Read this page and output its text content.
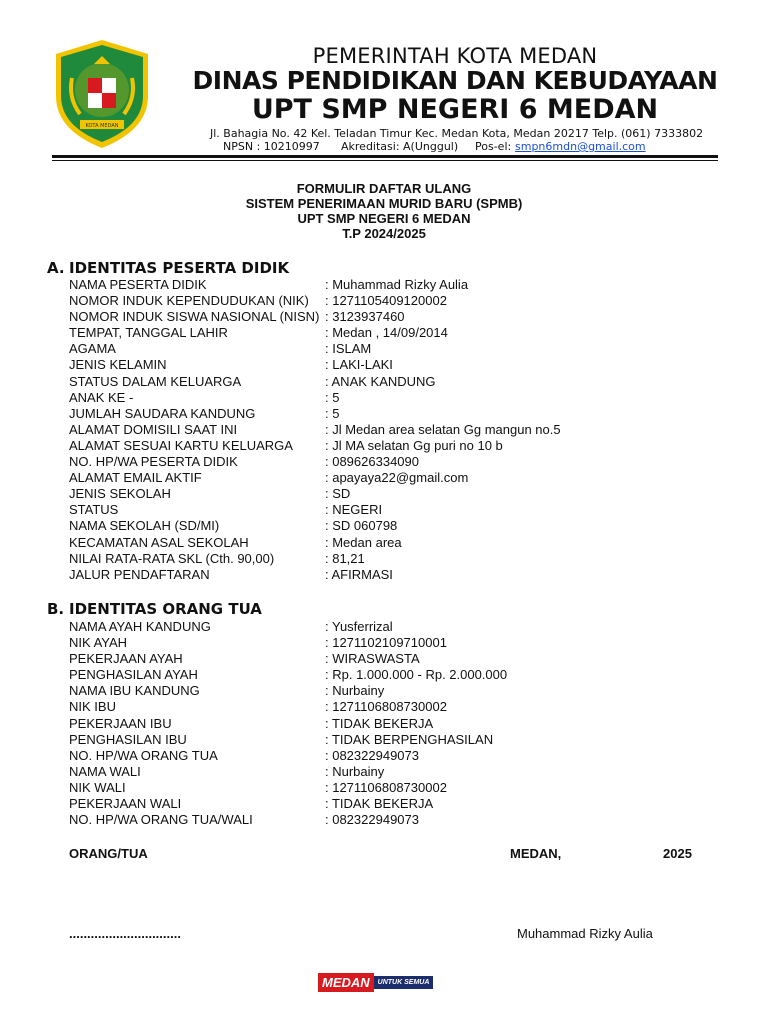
KOTA MEDAN
PEMERINTAH KOTA MEDAN
DINAS PENDIDIKAN DAN KEBUDAYAAN
UPT SMP NEGERI 6 MEDAN
Jl. Bahagia No. 42 Kel. Teladan Timur Kec. Medan Kota, Medan 20217 Telp. (061) 7333802
NPSN : 10210997 Akreditasi: A(Unggul) Pos-el: smpn6mdn@gmail.com
FORMULIR DAFTAR ULANG
SISTEM PENERIMAAN MURID BARU (SPMB)
UPT SMP NEGERI 6 MEDAN
T.P 2024/2025
A. IDENTITAS PESERTA DIDIK
NAMA PESERTA DIDIK	: Muhammad Rizky Aulia
NOMOR INDUK KEPENDUDUKAN (NIK) : 1271105409120002
NOMOR INDUK SISWA NASIONAL (NISN) : 3123937460
TEMPAT, TANGGAL LAHIR	: Medan , 14/09/2014
AGAMA	: ISLAM
JENIS KELAMIN	: LAKI-LAKI
STATUS DALAM KELUARGA	: ANAK KANDUNG
ANAK KE -	: 5
JUMLAH SAUDARA KANDUNG	: 5
ALAMAT DOMISILI SAAT INI	: Jl Medan area selatan Gg mangun no.5
ALAMAT SESUAI KARTU KELUARGA : Jl MA selatan Gg puri no 10 b
NO. HP/WA PESERTA DIDIK	: 089626334090
ALAMAT EMAIL AKTIF	: apayaya22@gmail.com
JENIS SEKOLAH	: SD
STATUS	: NEGERI
NAMA SEKOLAH (SD/MI)	: SD 060798
KECAMATAN ASAL SEKOLAH	: Medan area
NILAI RATA-RATA SKL (Cth. 90,00)	: 81,21
JALUR PENDAFTARAN	: AFIRMASI
B. IDENTITAS ORANG TUA
NAMA AYAH KANDUNG	: Yusferrizal
NIK AYAH	: 1271102109710001
PEKERJAAN AYAH	: WIRASWASTA
PENGHASILAN AYAH	: Rp. 1.000.000 - Rp. 2.000.000
NAMA IBU KANDUNG	: Nurbainy
NIK IBU	: 1271106808730002
PEKERJAAN IBU	: TIDAK BEKERJA
PENGHASILAN IBU	: TIDAK BERPENGHASILAN
NO. HP/WA ORANG TUA	: 082322949073
NAMA WALI	: Nurbainy
NIK WALI	: 1271106808730002
PEKERJAAN WALI	: TIDAK BEKERJA
NO. HP/WA ORANG TUA/WALI	: 082322949073
ORANG/TUA	MEDAN,	2025
...............................	Muhammad Rizky Aulia
MEDAN	UNTUK SEMUA
